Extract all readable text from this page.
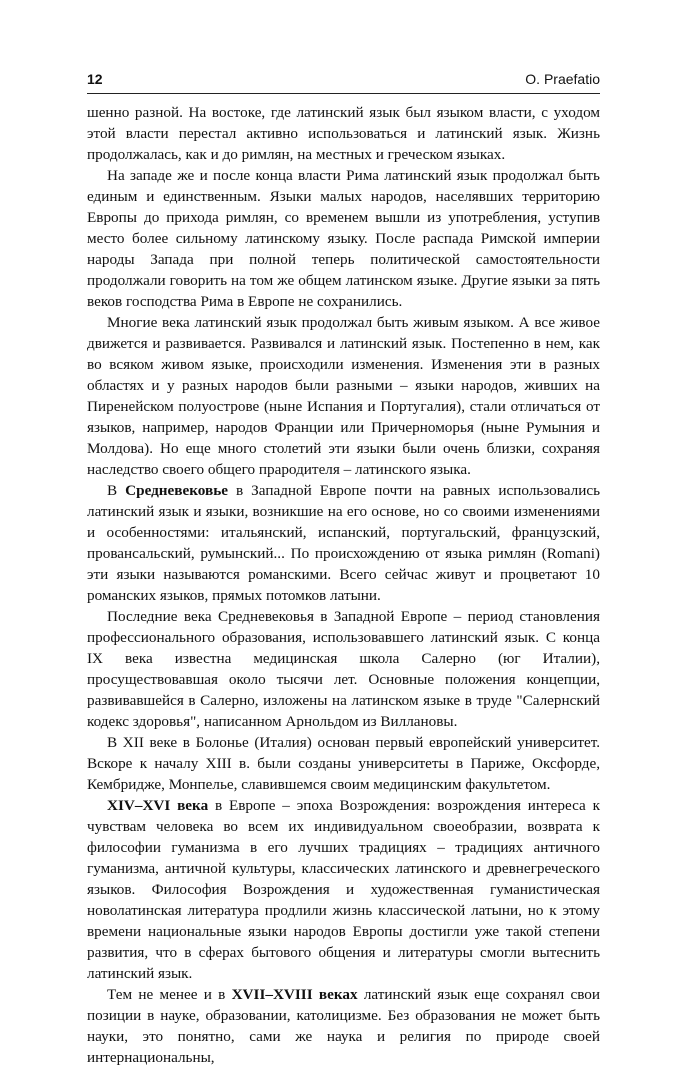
12	O. Praefatio

шенно разной. На востоке, где латинский язык был языком власти, с уходом этой власти перестал активно использоваться и латинский язык. Жизнь продолжалась, как и до римлян, на местных и греческом языках.

На западе же и после конца власти Рима латинский язык продолжал быть единым и единственным. Языки малых народов, населявших территорию Европы до прихода римлян, со временем вышли из употребления, уступив место более сильному латинскому языку. После распада Римской империи народы Запада при полной теперь политической самостоятельности продолжали говорить на том же общем латинском языке. Другие языки за пять веков господства Рима в Европе не сохранились.

Многие века латинский язык продолжал быть живым языком. А все живое движется и развивается. Развивался и латинский язык. Постепенно в нем, как во всяком живом языке, происходили изменения. Изменения эти в разных областях и у разных народов были разными – языки народов, живших на Пиренейском полуострове (ныне Испания и Португалия), стали отличаться от языков, например, народов Франции или Причерноморья (ныне Румыния и Молдова). Но еще много столетий эти языки были очень близки, сохраняя наследство своего общего прародителя – латинского языка.

В Средневековье в Западной Европе почти на равных использовались латинский язык и языки, возникшие на его основе, но со своими изменениями и особенностями: итальянский, испанский, португальский, французский, провансальский, румынский... По происхождению от языка римлян (Romani) эти языки называются романскими. Всего сейчас живут и процветают 10 романских языков, прямых потомков латыни.

Последние века Средневековья в Западной Европе – период становления профессионального образования, использовавшего латинский язык. С конца IX века известна медицинская школа Салерно (юг Италии), просуществовавшая около тысячи лет. Основные положения концепции, развивавшейся в Салерно, изложены на латинском языке в труде "Салернский кодекс здоровья", написанном Арнольдом из Виллановы.

В XII веке в Болонье (Италия) основан первый европейский университет. Вскоре к началу XIII в. были созданы университеты в Париже, Оксфорде, Кембридже, Монпелье, славившемся своим медицинским факультетом.

XIV–XVI века в Европе – эпоха Возрождения: возрождения интереса к чувствам человека во всем их индивидуальном своеобразии, возврата к философии гуманизма в его лучших традициях – традициях античного гуманизма, античной культуры, классических латинского и древнегреческого языков. Философия Возрождения и художественная гуманистическая новолатинская литература продлили жизнь классической латыни, но к этому времени национальные языки народов Европы достигли уже такой степени развития, что в сферах бытового общения и литературы смогли вытеснить латинский язык.

Тем не менее и в XVII–XVIII веках латинский язык еще сохранял свои позиции в науке, образовании, католицизме. Без образования не может быть науки, это понятно, сами же наука и религия по природе своей интернациональны,
